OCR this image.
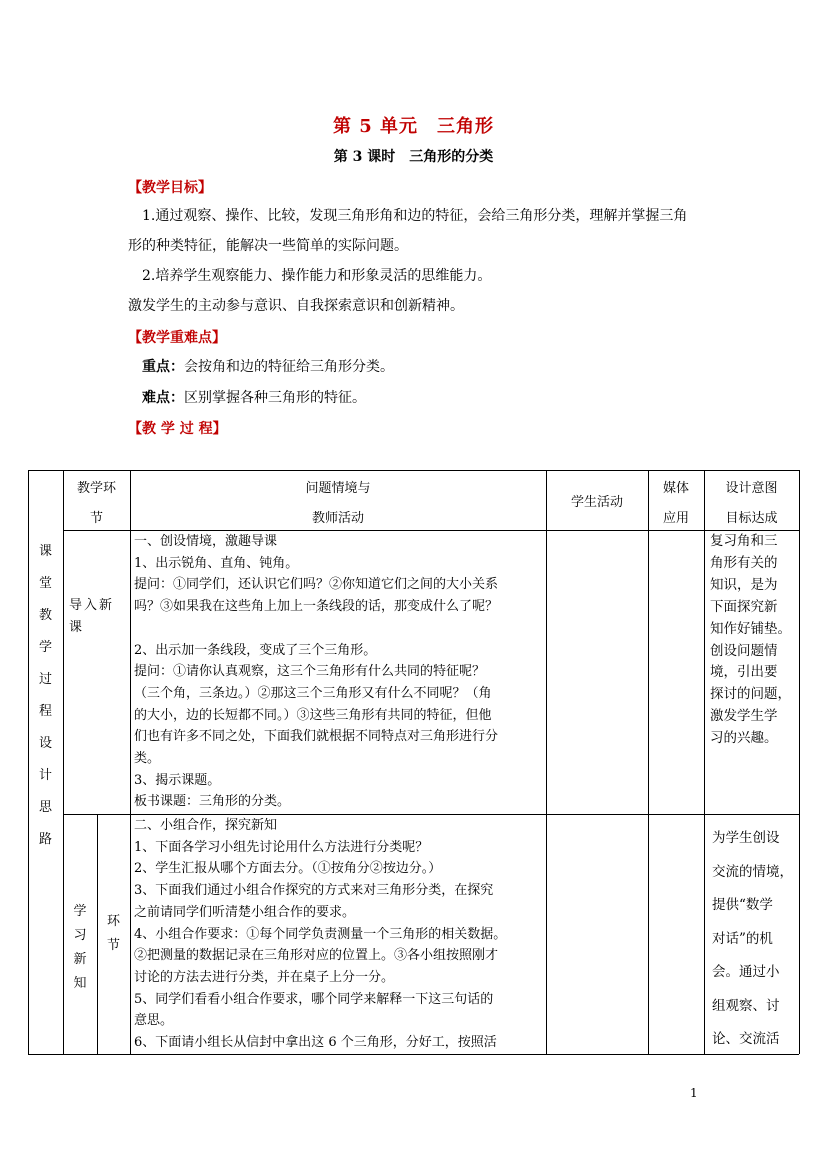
第 5 单元　三角形
第 3 课时　三角形的分类
【教学目标】
1.通过观察、操作、比较，发现三角形角和边的特征，会给三角形分类，理解并掌握三角
形的种类特征，能解决一些简单的实际问题。
2.培养学生观察能力、操作能力和形象灵活的思维能力。
激发学生的主动参与意识、自我探索意识和创新精神。
【教学重难点】
重点：会按角和边的特征给三角形分类。
难点：区别掌握各种三角形的特征。
【教 学 过 程】
教学环
节
问题情境与
教师活动
学生活动
媒体
应用
设计意图
目标达成
课
堂
教
学
过
程
设
计
思
路
导入新
课
一、创设情境，激趣导课
1、出示锐角、直角、钝角。
提问：①同学们，还认识它们吗？②你知道它们之间的大小关系
吗？③如果我在这些角上加上一条线段的话，那变成什么了呢？
2、出示加一条线段，变成了三个三角形。
提问：①请你认真观察，这三个三角形有什么共同的特征呢？
（三个角，三条边。）②那这三个三角形又有什么不同呢？（角
的大小，边的长短都不同。）③这些三角形有共同的特征，但他
们也有许多不同之处，下面我们就根据不同特点对三角形进行分
类。
3、揭示课题。
板书课题：三角形的分类。
复习角和三
角形有关的
知识，是为
下面探究新
知作好铺垫。
创设问题情
境，引出要
探讨的问题，
激发学生学
习的兴趣。
学
习
新
知
环
节
二、小组合作，探究新知
1、下面各学习小组先讨论用什么方法进行分类呢？
2、学生汇报从哪个方面去分。（①按角分②按边分。）
3、下面我们通过小组合作探究的方式来对三角形分类，在探究
之前请同学们听清楚小组合作的要求。
4、小组合作要求：①每个同学负责测量一个三角形的相关数据。
②把测量的数据记录在三角形对应的位置上。③各小组按照刚才
讨论的方法去进行分类，并在桌子上分一分。
5、同学们看看小组合作要求，哪个同学来解释一下这三句话的
意思。
6、下面请小组长从信封中拿出这 6 个三角形，分好工，按照活
为学生创设
交流的情境，
提供“数学
对话”的机
会。通过小
组观察、讨
论、交流活
1
